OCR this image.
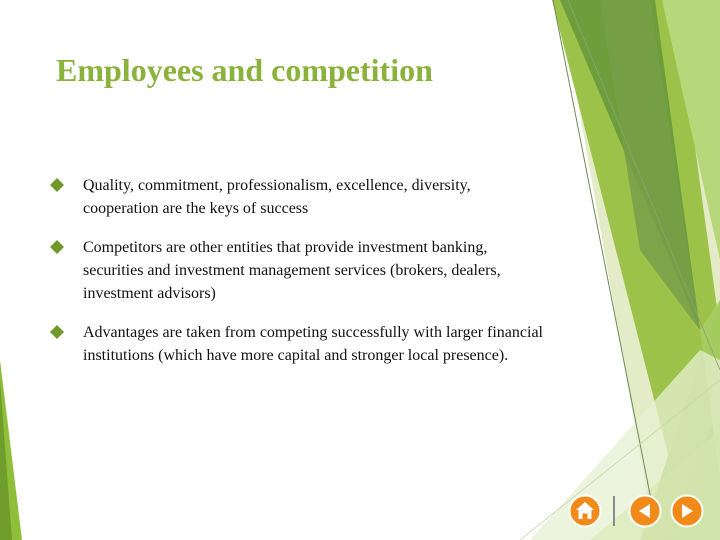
Employees and competition
Quality, commitment, professionalism, excellence, diversity, cooperation are the keys of success
Competitors are other entities that provide investment banking, securities and investment management services (brokers, dealers, investment advisors)
Advantages are taken from competing successfully with larger financial institutions (which have more capital and stronger local presence).
